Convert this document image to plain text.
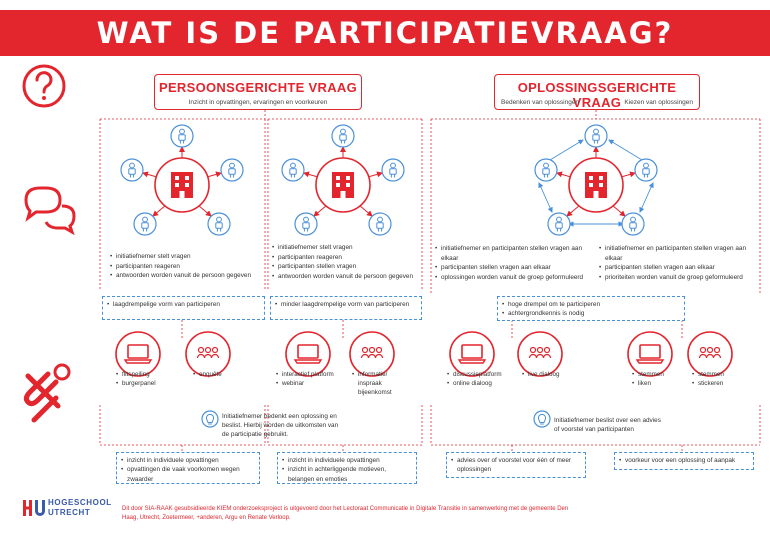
WAT IS DE PARTICIPATIEVRAAG?
PERSOONSGERICHTE VRAAG
Inzicht in opvattingen, ervaringen en voorkeuren
OPLOSSINGSGERICHTE VRAAG
Bedenken van oplossingen	Kiezen van oplossingen
• initiatiefnemer stelt vragen
• participanten reageren
• antwoorden worden vanuit de persoon gegeven
• initiatiefnemer stelt vragen
• participanten reageren
• participanten stellen vragen
• antwoorden worden vanuit de persoon gegeven
• initiatiefnemer en participanten stellen vragen aan elkaar
• participanten stellen vragen aan elkaar
• oplossingen worden vanuit de groep geformuleerd
• initiatiefnemer en participanten stellen vragen aan elkaar
• participanten stellen vragen aan elkaar
• prioriteiten worden vanuit de groep geformuleerd
• laagdrempelige vorm van participeren	• minder laagdrempelige vorm van participeren	• hoge drempel om te participeren
• achtergrondkennis is nodig
• flitspeiling
• burgerpanel
• enquête	• interactief platform
• webinar
• informatie/ inspraak bijeenkomst
• discussieplatform
• online dialoog
• live dialoog	• stemmen
• liken
• stemmen
• stickeren
Initiatiefnemer bedenkt een oplossing en beslist. Hierbij worden de uitkomsten van de participatie gebruikt.
Initiatiefnemer beslist over een advies of voorstel van participanten
• inzicht in individuele opvattingen
• opvattingen die vaak voorkomen wegen zwaarder
• inzicht in individuele opvattingen
• inzicht in achterliggende motieven, belangen en emoties
• advies over of voorstel voor één of meer oplossingen
• voorkeur voor een oplossing of aanpak
HOGESCHOOL
UTRECHT	Dit door SIA-RAAK gesubsidieerde KIEM onderzoeksproject is uitgevoerd door het Lectoraat Communicatie in Digitale Transitie in samenwerking met de gemeente Den Haag, Utrecht, Zoetermeer, +anderen, Argu en Renate Verloop.
